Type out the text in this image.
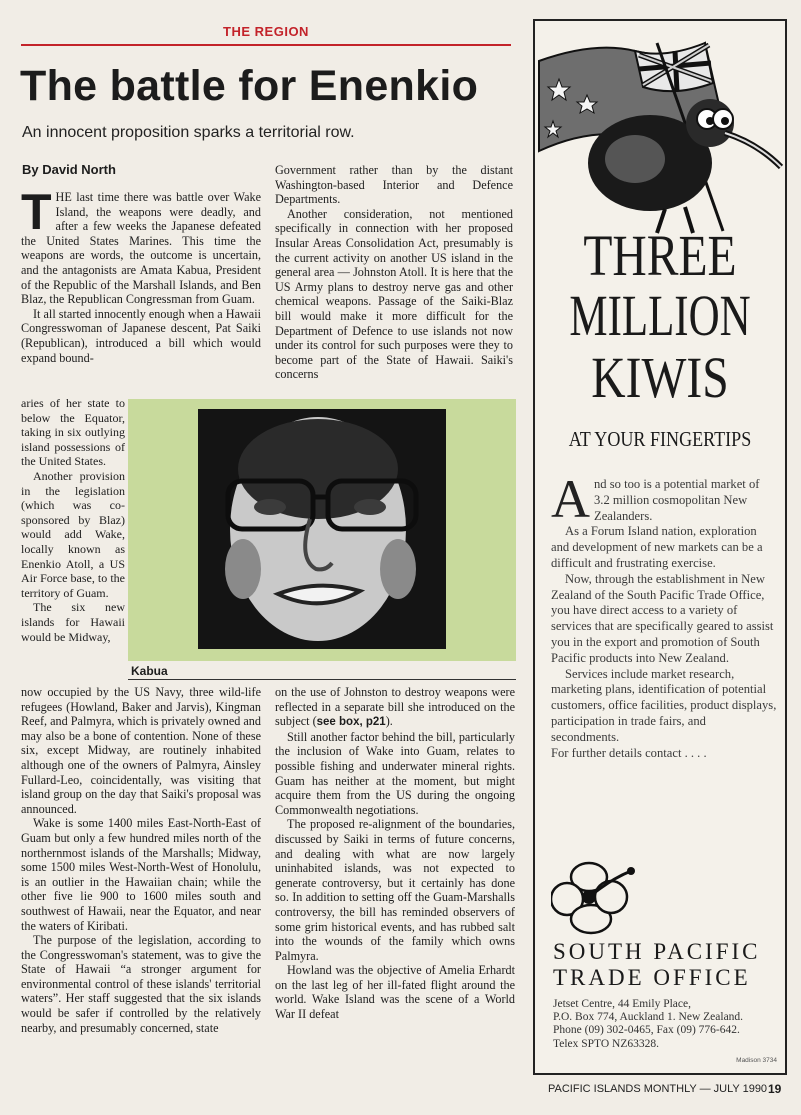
THE REGION
The battle for Enenkio
An innocent proposition sparks a territorial row.
By David North

THE last time there was battle over Wake Island, the weapons were deadly, and after a few weeks the Japanese defeated the United States Marines. This time the weapons are words, the outcome is uncertain, and the antagonists are Amata Kabua, President of the Republic of the Marshall Islands, and Ben Blaz, the Republican Congressman from Guam.

It all started innocently enough when a Hawaii Congresswoman of Japanese descent, Pat Saiki (Republican), introduced a bill which would expand bound-

Government rather than by the distant Washington-based Interior and Defence Departments.

Another consideration, not mentioned specifically in connection with her proposed Insular Areas Consolidation Act, presumably is the current activity on another US island in the general area — Johnston Atoll. It is here that the US Army plans to destroy nerve gas and other chemical weapons. Passage of the Saiki-Blaz bill would make it more difficult for the Department of Defence to use islands not now under its control for such purposes were they to become part of the State of Hawaii. Saiki's concerns

aries of her state to below the Equator, taking in six outlying island possessions of the United States.

Another provision in the legislation (which was co-sponsored by Blaz) would add Wake, locally known as Enenkio Atoll, a US Air Force base, to the territory of Guam.

The six new islands for Hawaii would be Midway,

Kabua

now occupied by the US Navy, three wild-life refugees (Howland, Baker and Jarvis), Kingman Reef, and Palmyra, which is privately owned and may also be a bone of contention. None of these six, except Midway, are routinely inhabited although one of the owners of Palmyra, Ainsley Fullard-Leo, coincidentally, was visiting that island group on the day that Saiki's proposal was announced.

Wake is some 1400 miles East-North-East of Guam but only a few hundred miles north of the northernmost islands of the Marshalls; Midway, some 1500 miles West-North-West of Honolulu, is an outlier in the Hawaiian chain; while the other five lie 900 to 1600 miles south and southwest of Hawaii, near the Equator, and near the waters of Kiribati.

The purpose of the legislation, according to the Congresswoman's statement, was to give the State of Hawaii “a stronger argument for environmental control of these islands' territorial waters”. Her staff suggested that the six islands would be safer if controlled by the relatively nearby, and presumably concerned, state

on the use of Johnston to destroy weapons were reflected in a separate bill she introduced on the subject (see box, p21).

Still another factor behind the bill, particularly the inclusion of Wake into Guam, relates to possible fishing and underwater mineral rights. Guam has neither at the moment, but might acquire them from the US during the ongoing Commonwealth negotiations.

The proposed re-alignment of the boundaries, discussed by Saiki in terms of future concerns, and dealing with what are now largely uninhabited islands, was not expected to generate controversy, but it certainly has done so. In addition to setting off the Guam-Marshalls controversy, the bill has reminded observers of some grim historical events, and has rubbed salt into the wounds of the family which owns Palmyra.

Howland was the objective of Amelia Erhardt on the last leg of her ill-fated flight around the world. Wake Island was the scene of a World War II defeat

THREE
MILLION
KIWIS
AT YOUR FINGERTIPS

And so too is a potential market of 3.2 million cosmopolitan New Zealanders.

As a Forum Island nation, exploration and development of new markets can be a difficult and frustrating exercise.

Now, through the establishment in New Zealand of the South Pacific Trade Office, you have direct access to a variety of services that are specifically geared to assist you in the export and promotion of South Pacific products into New Zealand.

Services include market research, marketing plans, identification of potential customers, office facilities, product displays, participation in trade fairs, and secondments.

For further details contact . . . .

SOUTH PACIFIC
TRADE OFFICE
Jetset Centre, 44 Emily Place,
P.O. Box 774, Auckland 1. New Zealand.
Phone (09) 302-0465, Fax (09) 776-642.
Telex SPTO NZ63328.
Madison 3734
PACIFIC ISLANDS MONTHLY — JULY 1990 19
